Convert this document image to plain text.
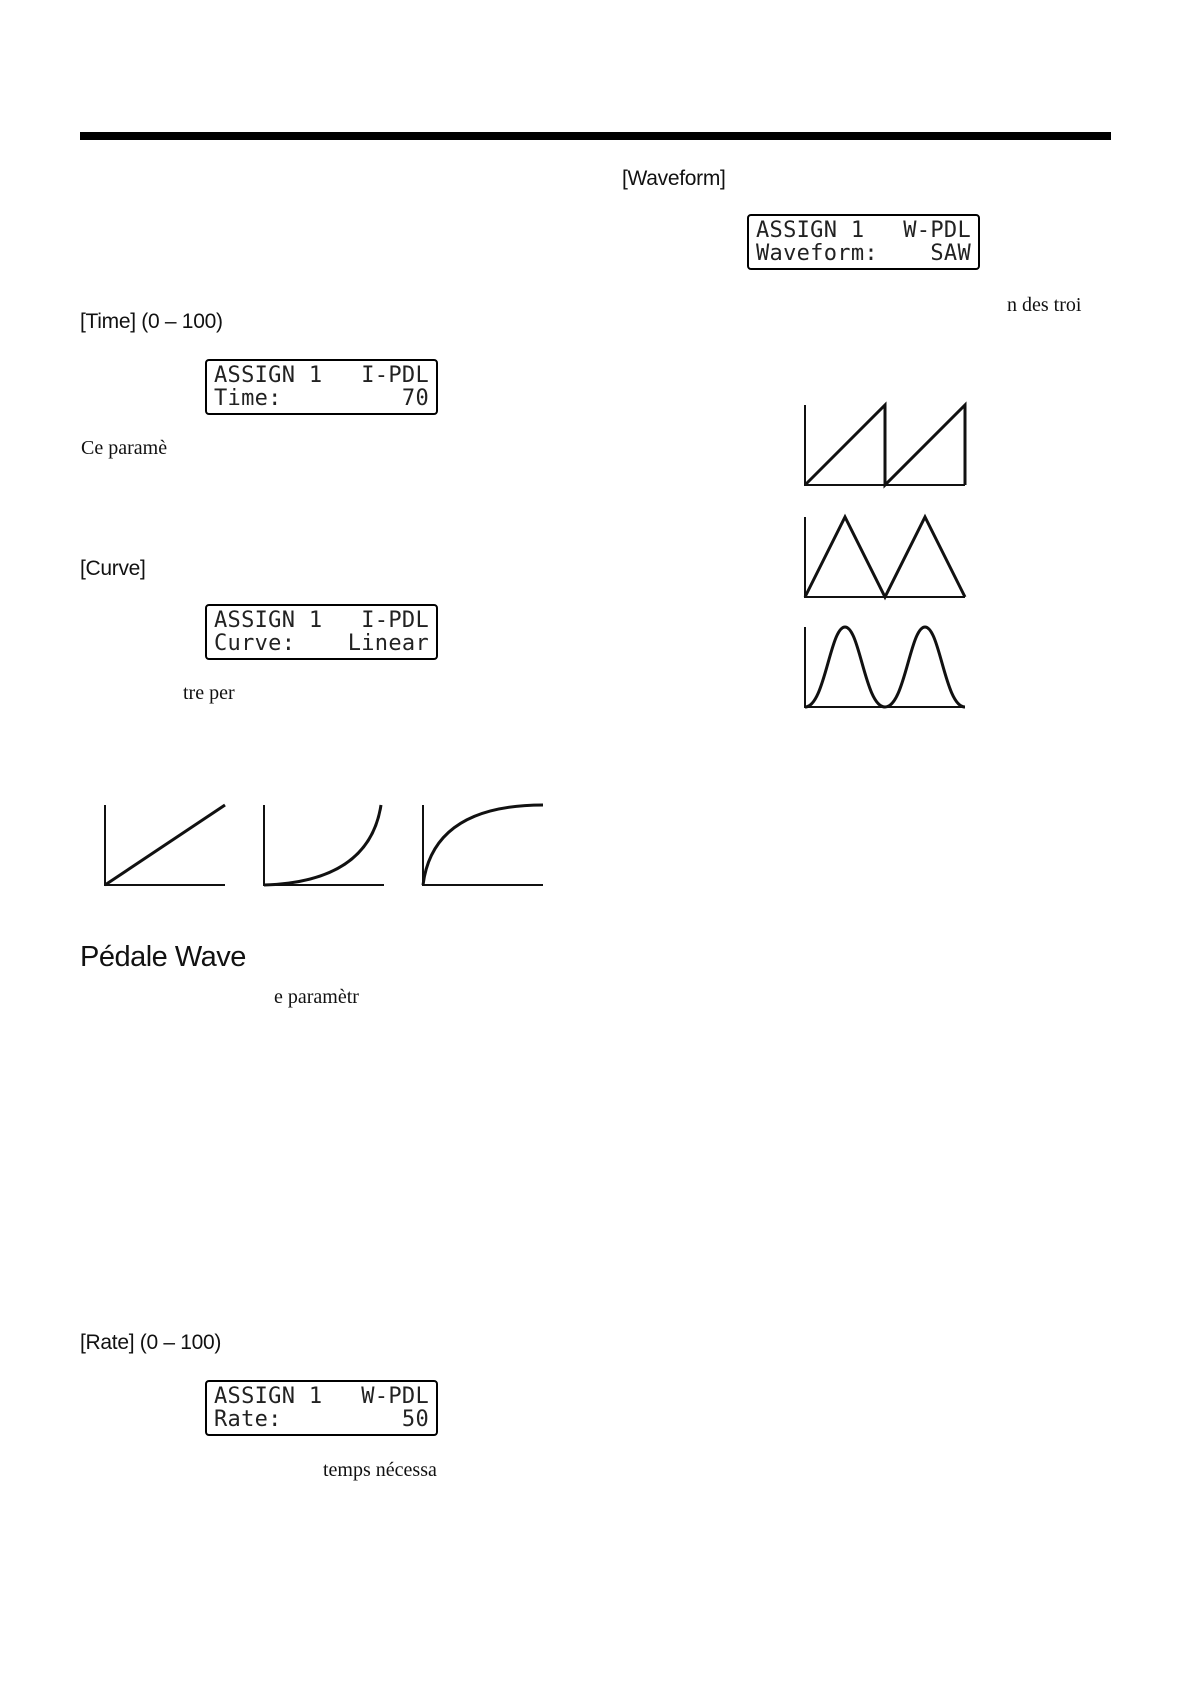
[Time] (0 – 100)
ASSIGN 1 I-PDL
Time:	70
Ce paramè
[Curve]
ASSIGN 1 I-PDL
Curve: Linear
tre per
Pédale Wave
e paramètr
[Rate] (0 – 100)
ASSIGN 1 W-PDL
Rate:	50
temps nécessa
[Waveform]
ASSIGN 1 W-PDL
Waveform: SAW
n des troi
